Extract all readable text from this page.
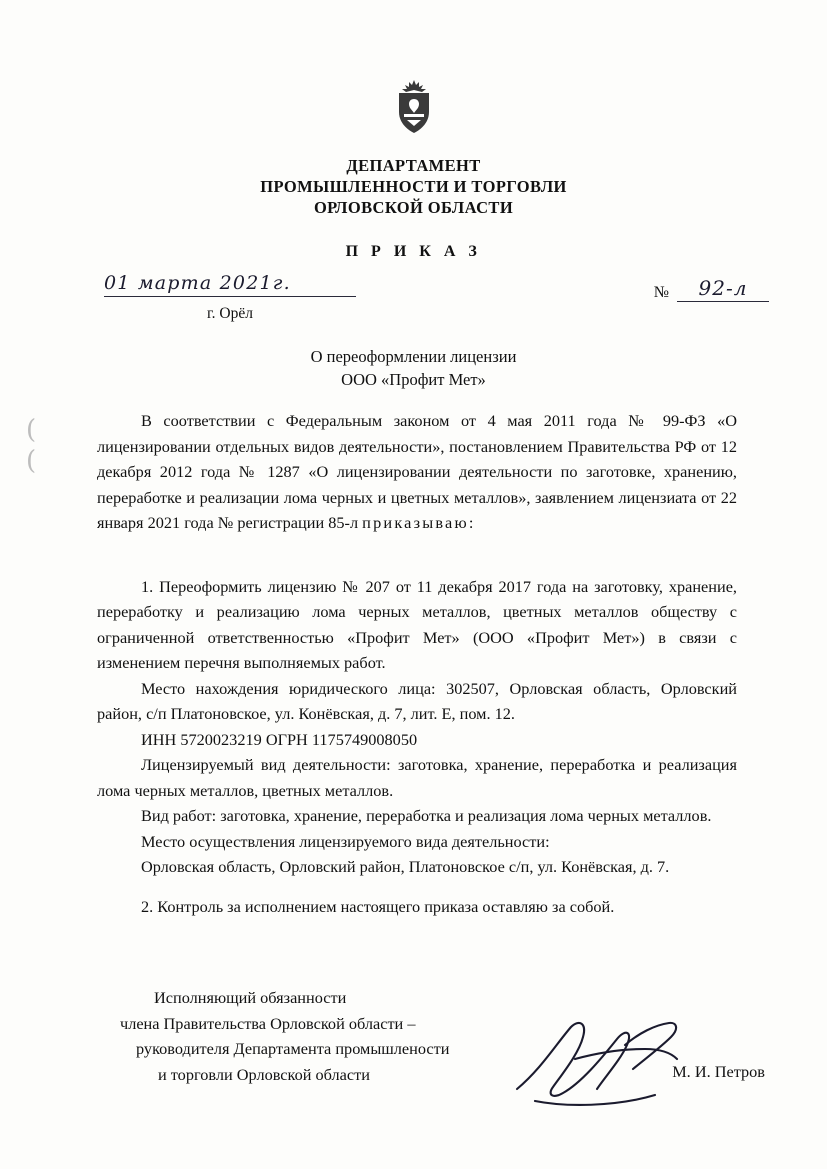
ДЕПАРТАМЕНТ
ПРОМЫШЛЕННОСТИ И ТОРГОВЛИ
ОРЛОВСКОЙ ОБЛАСТИ
П Р И К А З
01 марта 2021г.
г. Орёл
№	92-л
О переоформлении лицензии
ООО «Профит Мет»

В соответствии с Федеральным законом от 4 мая 2011 года № 99-ФЗ «О лицензировании отдельных видов деятельности», постановлением Правительства РФ от 12 декабря 2012 года № 1287 «О лицензировании деятельности по заготовке, хранению, переработке и реализации лома черных и цветных металлов», заявлением лицензиата от 22 января 2021 года № регистрации 85-л приказываю:

1. Переоформить лицензию № 207 от 11 декабря 2017 года на заготовку, хранение, переработку и реализацию лома черных металлов, цветных металлов обществу с ограниченной ответственностью «Профит Мет» (ООО «Профит Мет») в связи с изменением перечня выполняемых работ.

Место нахождения юридического лица: 302507, Орловская область, Орловский район, с/п Платоновское, ул. Конёвская, д. 7, лит. Е, пом. 12.

ИНН 5720023219 ОГРН 1175749008050

Лицензируемый вид деятельности: заготовка, хранение, переработка и реализация лома черных металлов, цветных металлов.

Вид работ: заготовка, хранение, переработка и реализация лома черных металлов.

Место осуществления лицензируемого вида деятельности:

Орловская область, Орловский район, Платоновское с/п, ул. Конёвская, д. 7.

2. Контроль за исполнением настоящего приказа оставляю за собой.

Исполняющий обязанности
члена Правительства Орловской области –
руководителя Департамента промышлености
и торговли Орловской области	М. И. Петров
(
(
